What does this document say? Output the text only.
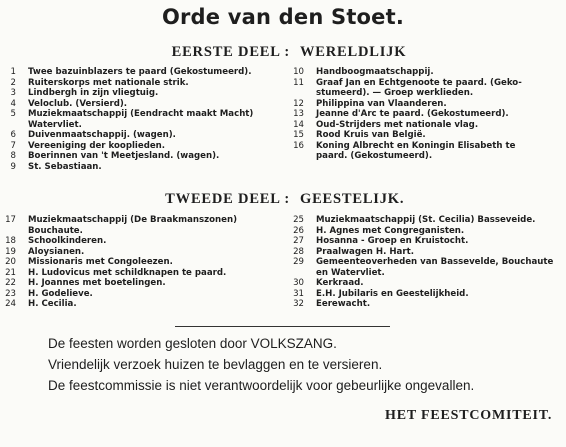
Orde van den Stoet.
EERSTE DEEL : WERELDLIJK
1 Twee bazuinblazers te paard (Gekostumeerd).
2 Ruiterskorps met nationale strik.
3 Lindbergh in zijn vliegtuig.
4 Veloclub. (Versierd).
5 Muziekmaatschappij (Eendracht maakt Macht)
Watervliet.
6 Duivenmaatschappij. (wagen).
7 Vereeniging der kooplieden.
8 Boerinnen van 't Meetjesland. (wagen).
9 St. Sebastiaan.
10 Handboogmaatschappij.
11 Graaf Jan en Echtgenoote te paard. (Geko-
stumeerd). — Groep werklieden.
12 Philippina van Vlaanderen.
13 Jeanne d'Arc te paard. (Gekostumeerd).
14 Oud-Strijders met nationale vlag.
15 Rood Kruis van België.
16 Koning Albrecht en Koningin Elisabeth te
paard. (Gekostumeerd).
TWEEDE DEEL : GEESTELIJK.
17 Muziekmaatschappij (De Braakmanszonen)
Bouchaute.
18 Schoolkinderen.
19 Aloysianen.
20 Missionaris met Congoleezen.
21 H. Ludovicus met schildknapen te paard.
22 H. Joannes met boetelingen.
23 H. Godelieve.
24 H. Cecilia.
25 Muziekmaatschappij (St. Cecilia) Basseveide.
26 H. Agnes met Congreganisten.
27 Hosanna - Groep en Kruistocht.
28 Praalwagen H. Hart.
29 Gemeenteoverheden van Bassevelde, Bouchaute
en Watervliet.
30 Kerkraad.
31 E.H. Jubilaris en Geestelijkheid.
32 Eerewacht.
De feesten worden gesloten door VOLKSZANG.
Vriendelijk verzoek huizen te bevlaggen en te versieren.
De feestcommissie is niet verantwoordelijk voor gebeurlijke ongevallen.
HET FEESTCOMITEIT.
